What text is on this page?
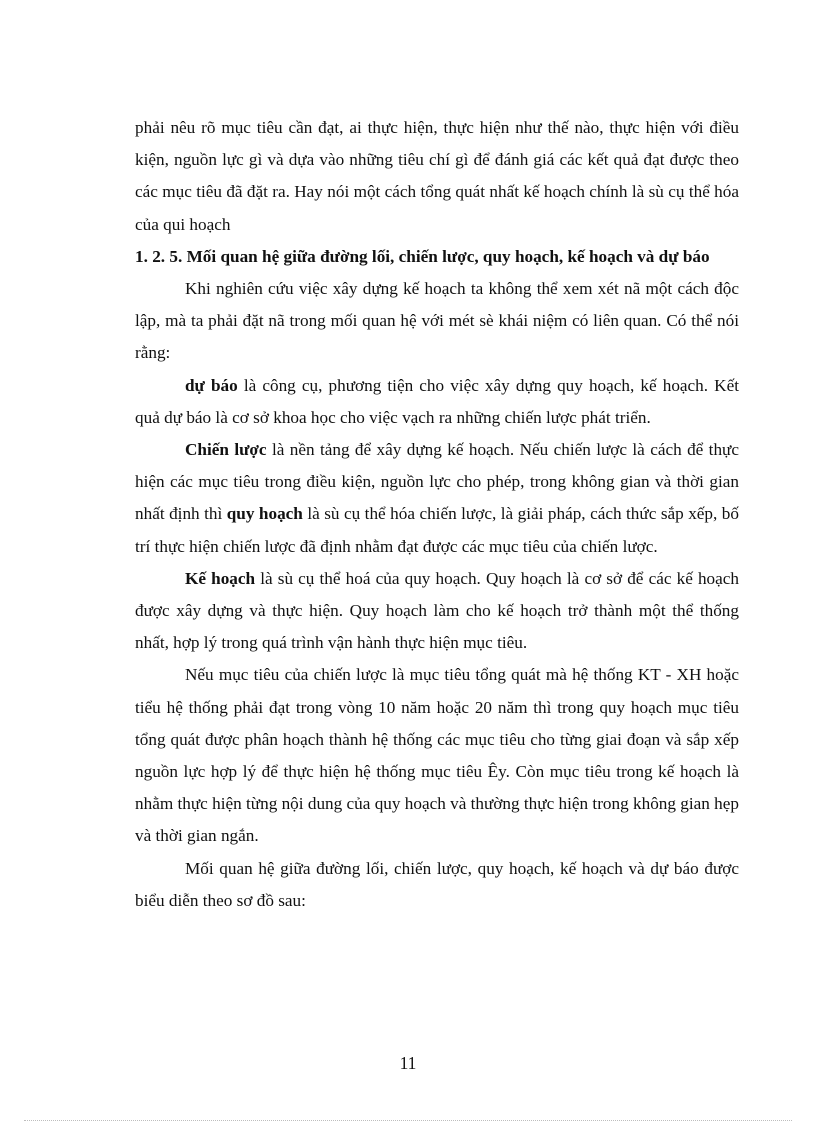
phải nêu rõ mục tiêu cần đạt, ai thực hiện, thực hiện như thế nào, thực hiện với điều kiện, nguồn lực gì và dựa vào những tiêu chí gì để đánh giá các kết quả đạt được theo các mục tiêu đã đặt ra. Hay nói một cách tổng quát nhất kế hoạch chính là sù cụ thể hóa của qui hoạch

1. 2. 5. Mối quan hệ giữa đường lối, chiến lược, quy hoạch, kế hoạch và dự báo

Khi nghiên cứu việc xây dựng kế hoạch ta không thể xem xét nã một cách độc lập, mà ta phải đặt nã trong mối quan hệ với mét sè khái niệm có liên quan. Có thể nói rằng:

dự báo là công cụ, phương tiện cho việc xây dựng quy hoạch, kế hoạch. Kết quả dự báo là cơ sở khoa học cho việc vạch ra những chiến lược phát triển.

Chiến lược là nền tảng để xây dựng kế hoạch. Nếu chiến lược là cách để thực hiện các mục tiêu trong điều kiện, nguồn lực cho phép, trong không gian và thời gian nhất định thì quy hoạch là sù cụ thể hóa chiến lược, là giải pháp, cách thức sắp xếp, bố trí thực hiện chiến lược đã định nhằm đạt được các mục tiêu của chiến lược.

Kế hoạch là sù cụ thể hoá của quy hoạch. Quy hoạch là cơ sở để các kế hoạch được xây dựng và thực hiện. Quy hoạch làm cho kế hoạch trở thành một thể thống nhất, hợp lý trong quá trình vận hành thực hiện mục tiêu.

Nếu mục tiêu của chiến lược là mục tiêu tổng quát mà hệ thống KT - XH hoặc tiểu hệ thống phải đạt trong vòng 10 năm hoặc 20 năm thì trong quy hoạch mục tiêu tổng quát được phân hoạch thành hệ thống các mục tiêu cho từng giai đoạn và sắp xếp nguồn lực hợp lý để thực hiện hệ thống mục tiêu Êy. Còn mục tiêu trong kế hoạch là nhằm thực hiện từng nội dung của quy hoạch và thường thực hiện trong không gian hẹp và thời gian ngắn.

Mối quan hệ giữa đường lối, chiến lược, quy hoạch, kế hoạch và dự báo được biểu diễn theo sơ đồ sau:

11
